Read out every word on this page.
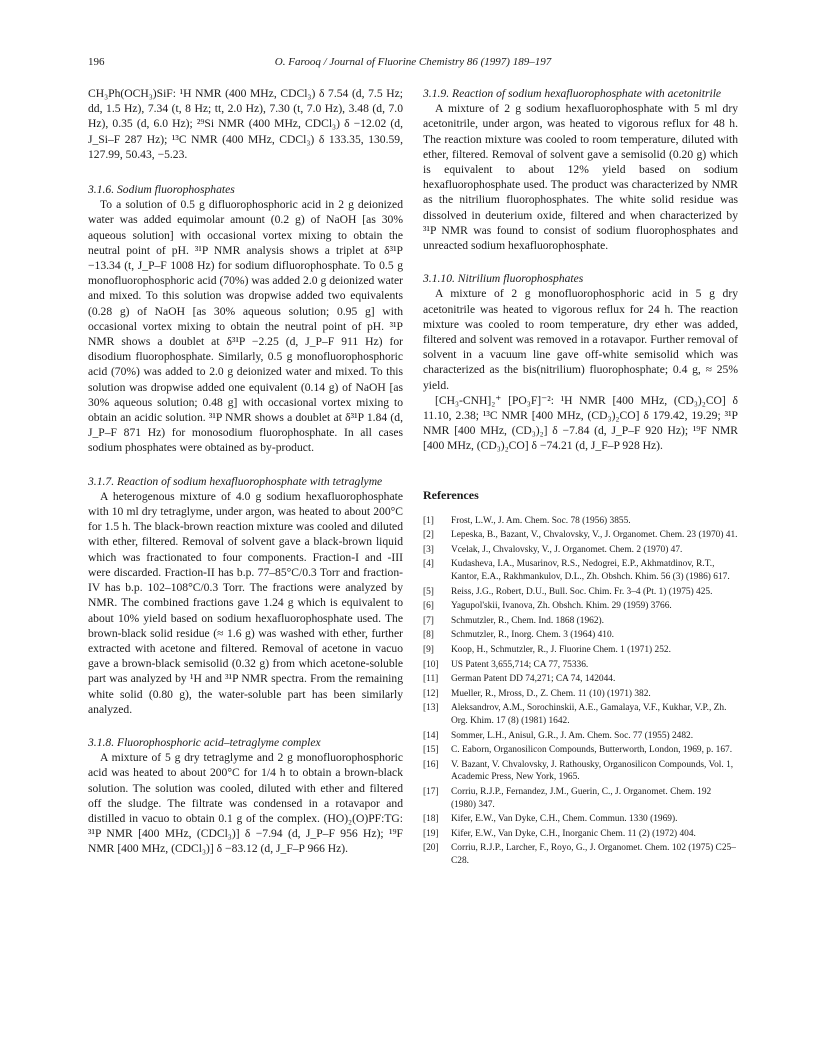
196	O. Farooq / Journal of Fluorine Chemistry 86 (1997) 189–197

CH₃Ph(OCH₃)SiF: ¹H NMR (400 MHz, CDCl₃) δ 7.54 (d, 7.5 Hz; dd, 1.5 Hz), 7.34 (t, 8 Hz; tt, 2.0 Hz), 7.30 (t, 7.0 Hz), 3.48 (d, 7.0 Hz), 0.35 (d, 6.0 Hz); ²⁹Si NMR (400 MHz, CDCl₃) δ −12.02 (d, J_Si–F 287 Hz); ¹³C NMR (400 MHz, CDCl₃) δ 133.35, 130.59, 127.99, 50.43, −5.23.

3.1.6. Sodium fluorophosphates

To a solution of 0.5 g difluorophosphoric acid in 2 g deionized water was added equimolar amount (0.2 g) of NaOH [as 30% aqueous solution] with occasional vortex mixing to obtain the neutral point of pH. ³¹P NMR analysis shows a triplet at δ³¹P −13.34 (t, J_P–F 1008 Hz) for sodium difluorophosphate. To 0.5 g monofluorophosphoric acid (70%) was added 2.0 g deionized water and mixed. To this solution was dropwise added two equivalents (0.28 g) of NaOH [as 30% aqueous solution; 0.95 g] with occasional vortex mixing to obtain the neutral point of pH. ³¹P NMR shows a doublet at δ³¹P −2.25 (d, J_P–F 911 Hz) for disodium fluorophosphate. Similarly, 0.5 g monofluorophosphoric acid (70%) was added to 2.0 g deionized water and mixed. To this solution was dropwise added one equivalent (0.14 g) of NaOH [as 30% aqueous solution; 0.48 g] with occasional vortex mixing to obtain an acidic solution. ³¹P NMR shows a doublet at δ³¹P 1.84 (d, J_P–F 871 Hz) for monosodium fluorophosphate. In all cases sodium phosphates were obtained as by-product.

3.1.7. Reaction of sodium hexafluorophosphate with tetraglyme

A heterogenous mixture of 4.0 g sodium hexafluorophosphate with 10 ml dry tetraglyme, under argon, was heated to about 200°C for 1.5 h. The black-brown reaction mixture was cooled and diluted with ether, filtered. Removal of solvent gave a black-brown liquid which was fractionated to four components. Fraction-I and -III were discarded. Fraction-II has b.p. 77–85°C/0.3 Torr and fraction-IV has b.p. 102–108°C/0.3 Torr. The fractions were analyzed by NMR. The combined fractions gave 1.24 g which is equivalent to about 10% yield based on sodium hexafluorophosphate used. The brown-black solid residue (≈ 1.6 g) was washed with ether, further extracted with acetone and filtered. Removal of acetone in vacuo gave a brown-black semisolid (0.32 g) from which acetone-soluble part was analyzed by ¹H and ³¹P NMR spectra. From the remaining white solid (0.80 g), the water-soluble part has been similarly analyzed.

3.1.8. Fluorophosphoric acid–tetraglyme complex

A mixture of 5 g dry tetraglyme and 2 g monofluorophosphoric acid was heated to about 200°C for 1/4 h to obtain a brown-black solution. The solution was cooled, diluted with ether and filtered off the sludge. The filtrate was condensed in a rotavapor and distilled in vacuo to obtain 0.1 g of the complex. (HO)₂(O)PF:TG: ³¹P NMR [400 MHz, (CDCl₃)] δ −7.94 (d, J_P–F 956 Hz); ¹⁹F NMR [400 MHz, (CDCl₃)] δ −83.12 (d, J_F–P 966 Hz).

3.1.9. Reaction of sodium hexafluorophosphate with acetonitrile

A mixture of 2 g sodium hexafluorophosphate with 5 ml dry acetonitrile, under argon, was heated to vigorous reflux for 48 h. The reaction mixture was cooled to room temperature, diluted with ether, filtered. Removal of solvent gave a semisolid (0.20 g) which is equivalent to about 12% yield based on sodium hexafluorophosphate used. The product was characterized by NMR as the nitrilium fluorophosphates. The white solid residue was dissolved in deuterium oxide, filtered and when characterized by ³¹P NMR was found to consist of sodium fluorophosphates and unreacted sodium hexafluorophosphate.

3.1.10. Nitrilium fluorophosphates

A mixture of 2 g monofluorophosphoric acid in 5 g dry acetonitrile was heated to vigorous reflux for 24 h. The reaction mixture was cooled to room temperature, dry ether was added, filtered and solvent was removed in a rotavapor. Further removal of solvent in a vacuum line gave off-white semisolid which was characterized as the bis(nitrilium) fluorophosphate; 0.4 g, ≈ 25% yield.

[CH₃-CNH]₂⁺ [PO₃F]⁻²: ¹H NMR [400 MHz, (CD₃)₂CO] δ 11.10, 2.38; ¹³C NMR [400 MHz, (CD₃)₂CO] δ 179.42, 19.29; ³¹P NMR [400 MHz, (CD₃)₂] δ −7.84 (d, J_P–F 920 Hz); ¹⁹F NMR [400 MHz, (CD₃)₂CO] δ −74.21 (d, J_F–P 928 Hz).

References
[1] Frost, L.W., J. Am. Chem. Soc. 78 (1956) 3855.
[2] Lepeska, B., Bazant, V., Chvalovsky, V., J. Organomet. Chem. 23 (1970) 41.
[3] Vcelak, J., Chvalovsky, V., J. Organomet. Chem. 2 (1970) 47.
[4] Kudasheva, I.A., Musarinov, R.S., Nedogrei, E.P., Akhmatdinov, R.T., Kantor, E.A., Rakhmankulov, D.L., Zh. Obshch. Khim. 56 (3) (1986) 617.
[5] Reiss, J.G., Robert, D.U., Bull. Soc. Chim. Fr. 3–4 (Pt. 1) (1975) 425.
[6] Yagupol'skii, Ivanova, Zh. Obshch. Khim. 29 (1959) 3766.
[7] Schmutzler, R., Chem. Ind. 1868 (1962).
[8] Schmutzler, R., Inorg. Chem. 3 (1964) 410.
[9] Koop, H., Schmutzler, R., J. Fluorine Chem. 1 (1971) 252.
[10] US Patent 3,655,714; CA 77, 75336.
[11] German Patent DD 74,271; CA 74, 142044.
[12] Mueller, R., Mross, D., Z. Chem. 11 (10) (1971) 382.
[13] Aleksandrov, A.M., Sorochinskii, A.E., Gamalaya, V.F., Kukhar, V.P., Zh. Org. Khim. 17 (8) (1981) 1642.
[14] Sommer, L.H., Anisul, G.R., J. Am. Chem. Soc. 77 (1955) 2482.
[15] C. Eaborn, Organosilicon Compounds, Butterworth, London, 1969, p. 167.
[16] V. Bazant, V. Chvalovsky, J. Rathousky, Organosilicon Compounds, Vol. 1, Academic Press, New York, 1965.
[17] Corriu, R.J.P., Fernandez, J.M., Guerin, C., J. Organomet. Chem. 192 (1980) 347.
[18] Kifer, E.W., Van Dyke, C.H., Chem. Commun. 1330 (1969).
[19] Kifer, E.W., Van Dyke, C.H., Inorganic Chem. 11 (2) (1972) 404.
[20] Corriu, R.J.P., Larcher, F., Royo, G., J. Organomet. Chem. 102 (1975) C25–C28.
